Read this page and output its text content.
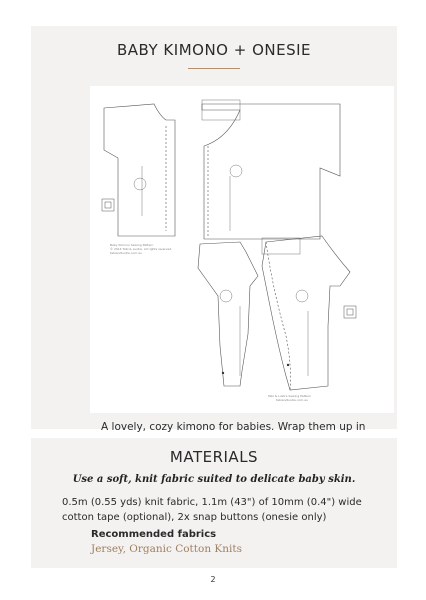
BABY KIMONO + ONESIE
Baby Kimono Sewing Pattern
© 2014 Tabi & Lustre. All rights reserved.
tabiandlustre.com.au
Tabi & Lustre Sewing Pattern
tabiandlustre.com.au
A lovely, cozy kimono for babies. Wrap them up in
MATERIALS
Use a soft, knit fabric suited to delicate baby skin.
0.5m (0.55 yds) knit fabric, 1.1m (43") of 10mm (0.4") wide cotton tape (optional), 2x snap buttons (onesie only)
Recommended fabrics
Jersey, Organic Cotton Knits
2
